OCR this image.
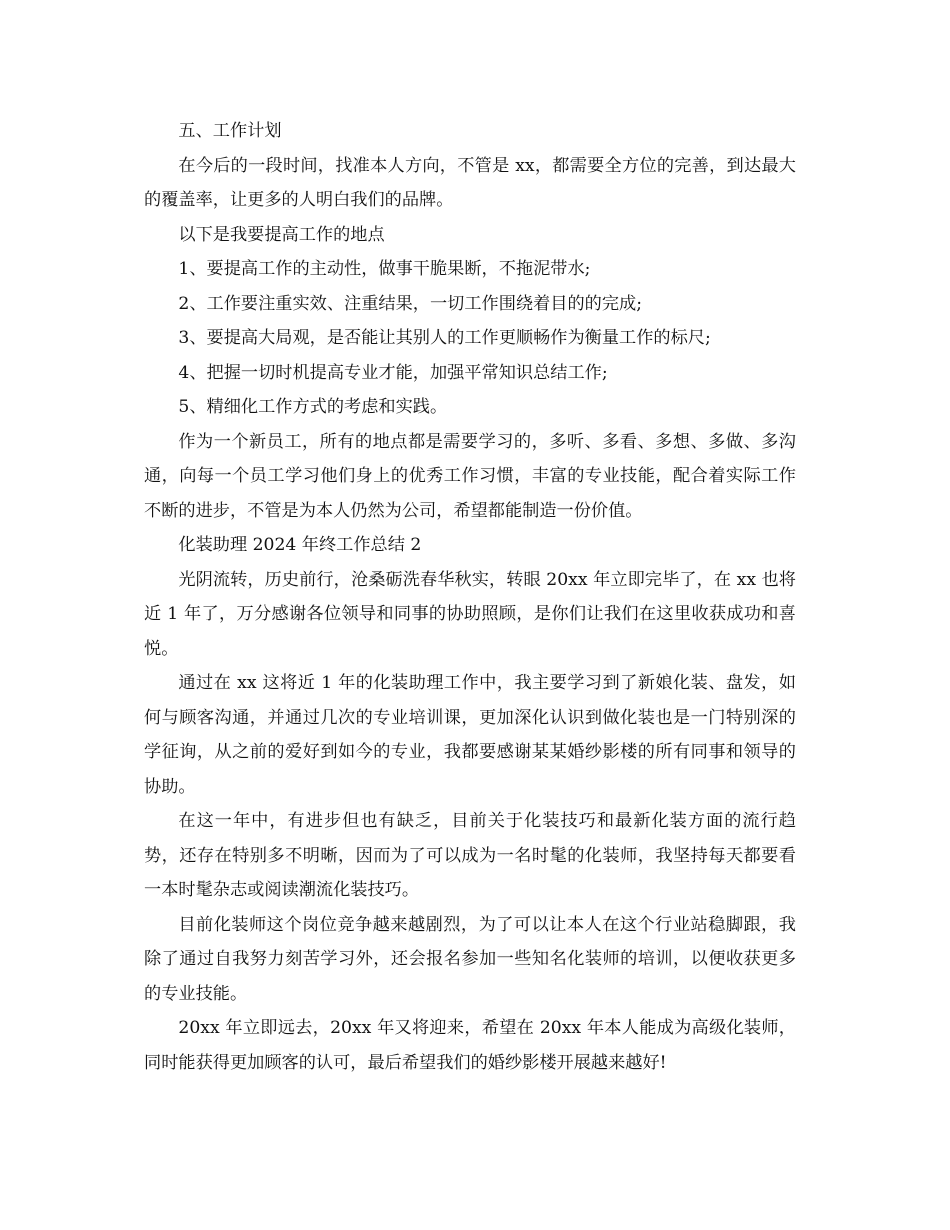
五、工作计划

在今后的一段时间，找准本人方向，不管是 xx，都需要全方位的完善，到达最大的覆盖率，让更多的人明白我们的品牌。

以下是我要提高工作的地点

1、要提高工作的主动性，做事干脆果断，不拖泥带水;

2、工作要注重实效、注重结果，一切工作围绕着目的的完成;

3、要提高大局观，是否能让其别人的工作更顺畅作为衡量工作的标尺;

4、把握一切时机提高专业才能，加强平常知识总结工作;

5、精细化工作方式的考虑和实践。

作为一个新员工，所有的地点都是需要学习的，多听、多看、多想、多做、多沟通，向每一个员工学习他们身上的优秀工作习惯，丰富的专业技能，配合着实际工作不断的进步，不管是为本人仍然为公司，希望都能制造一份价值。

化装助理 2024 年终工作总结 2

光阴流转，历史前行，沧桑砺洗春华秋实，转眼 20xx 年立即完毕了，在 xx 也将近 1 年了，万分感谢各位领导和同事的协助照顾，是你们让我们在这里收获成功和喜悦。

通过在 xx 这将近 1 年的化装助理工作中，我主要学习到了新娘化装、盘发，如何与顾客沟通，并通过几次的专业培训课，更加深化认识到做化装也是一门特别深的学征询，从之前的爱好到如今的专业，我都要感谢某某婚纱影楼的所有同事和领导的协助。

在这一年中，有进步但也有缺乏，目前关于化装技巧和最新化装方面的流行趋势，还存在特别多不明晰，因而为了可以成为一名时髦的化装师，我坚持每天都要看一本时髦杂志或阅读潮流化装技巧。

目前化装师这个岗位竞争越来越剧烈，为了可以让本人在这个行业站稳脚跟，我除了通过自我努力刻苦学习外，还会报名参加一些知名化装师的培训，以便收获更多的专业技能。

20xx 年立即远去，20xx 年又将迎来，希望在 20xx 年本人能成为高级化装师，同时能获得更加顾客的认可，最后希望我们的婚纱影楼开展越来越好!
